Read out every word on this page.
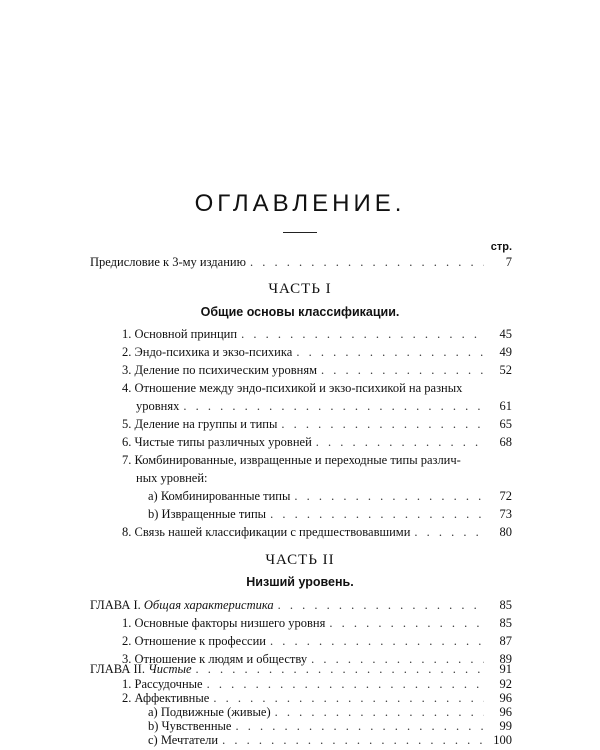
ОГЛАВЛЕНИЕ.
стр.
Предисловие к 3-му изданию . . .	7
ЧАСТЬ I
Общие основы классификации.
1. Основной принцип . . .	45
2. Эндо-психика и экзо-психика . . .	49
3. Деление по психическим уровням . . .	52
4. Отношение между эндо-психикой и экзо-психикой на разных
уровнях . . .	61
5. Деление на группы и типы . . .	65
6. Чистые типы различных уровней . . .	68
7. Комбинированные, извращенные и переходные типы различ-
ных уровней:
a) Комбинированные типы . . .	72
b) Извращенные типы . . .	73
8. Связь нашей классификации с предшествовавшими . . .	80
ЧАСТЬ II
Низший уровень.
ГЛАВА I. Общая характеристика . . .	85
1. Основные факторы низшего уровня . . .	85
2. Отношение к профессии . . .	87
3. Отношение к людям и обществу . . .	89
ГЛАВА II. Чистые . . .	91
1. Рассудочные . . .	92
2. Аффективные . . .	96
a) Подвижные (живые) . . .	96
b) Чувственные . . .	99
c) Мечтатели . . .	100
